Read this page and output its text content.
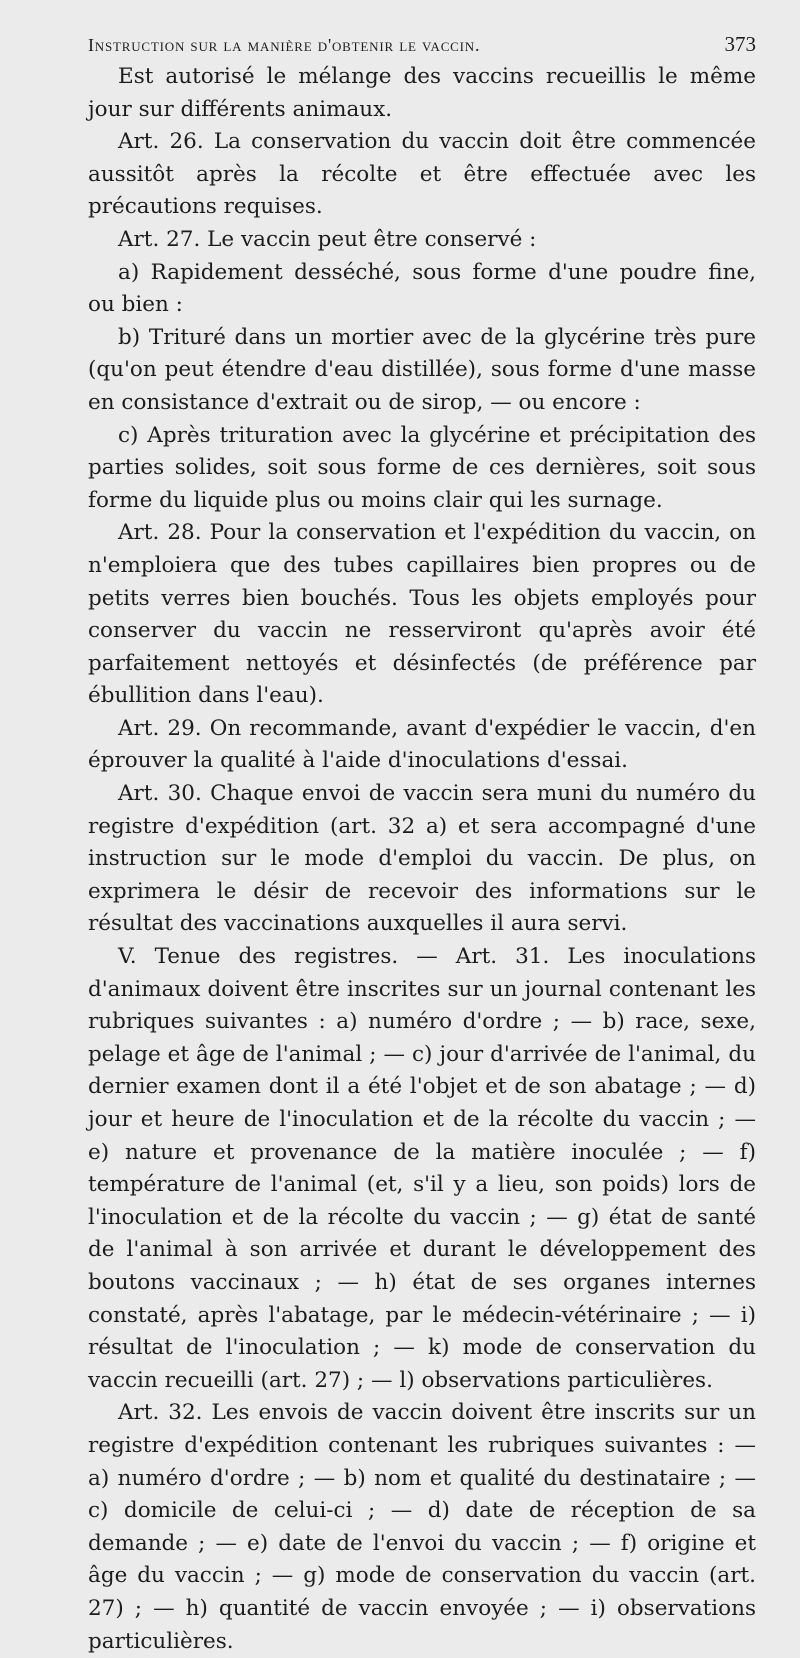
Instruction sur la manière d'obtenir le vaccin.	373

Est autorisé le mélange des vaccins recueillis le même jour sur différents animaux.

Art. 26. La conservation du vaccin doit être commencée aussitôt après la récolte et être effectuée avec les précautions requises.

Art. 27. Le vaccin peut être conservé :

a) Rapidement desséché, sous forme d'une poudre fine, ou bien :

b) Trituré dans un mortier avec de la glycérine très pure (qu'on peut étendre d'eau distillée), sous forme d'une masse en consistance d'extrait ou de sirop, — ou encore :

c) Après trituration avec la glycérine et précipitation des parties solides, soit sous forme de ces dernières, soit sous forme du liquide plus ou moins clair qui les surnage.

Art. 28. Pour la conservation et l'expédition du vaccin, on n'emploiera que des tubes capillaires bien propres ou de petits verres bien bouchés. Tous les objets employés pour conserver du vaccin ne resserviront qu'après avoir été parfaitement nettoyés et désinfectés (de préférence par ébullition dans l'eau).

Art. 29. On recommande, avant d'expédier le vaccin, d'en éprouver la qualité à l'aide d'inoculations d'essai.

Art. 30. Chaque envoi de vaccin sera muni du numéro du registre d'expédition (art. 32 a) et sera accompagné d'une instruction sur le mode d'emploi du vaccin. De plus, on exprimera le désir de recevoir des informations sur le résultat des vaccinations auxquelles il aura servi.

V. Tenue des registres. — Art. 31. Les inoculations d'animaux doivent être inscrites sur un journal contenant les rubriques suivantes : a) numéro d'ordre ; — b) race, sexe, pelage et âge de l'animal ; — c) jour d'arrivée de l'animal, du dernier examen dont il a été l'objet et de son abatage ; — d) jour et heure de l'inoculation et de la récolte du vaccin ; — e) nature et provenance de la matière inoculée ; — f) température de l'animal (et, s'il y a lieu, son poids) lors de l'inoculation et de la récolte du vaccin ; — g) état de santé de l'animal à son arrivée et durant le développement des boutons vaccinaux ; — h) état de ses organes internes constaté, après l'abatage, par le médecin-vétérinaire ; — i) résultat de l'inoculation ; — k) mode de conservation du vaccin recueilli (art. 27) ; — l) observations particulières.

Art. 32. Les envois de vaccin doivent être inscrits sur un registre d'expédition contenant les rubriques suivantes : — a) numéro d'ordre ; — b) nom et qualité du destinataire ; — c) domicile de celui-ci ; — d) date de réception de sa demande ; — e) date de l'envoi du vaccin ; — f) origine et âge du vaccin ; — g) mode de conservation du vaccin (art. 27) ; — h) quantité de vaccin envoyée ; — i) observations particulières.
